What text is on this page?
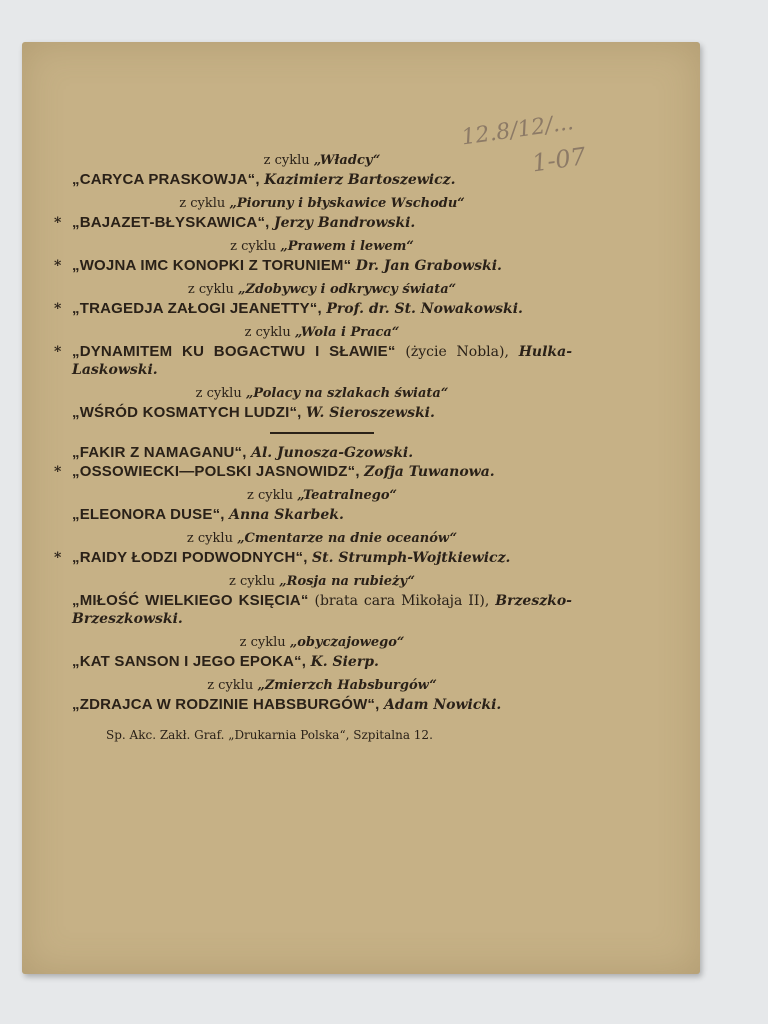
12.8/12/...
1-07
z cyklu „Władcy“
„CARYCA PRASKOWJA“, Kazimierz Bartoszewicz.
z cyklu „Pioruny i błyskawice Wschodu“
* „BAJAZET-BŁYSKAWICA“, Jerzy Bandrowski.
z cyklu „Prawem i lewem“
* „WOJNA IMC KONOPKI Z TORUNIEM“ Dr. Jan Grabowski.
z cyklu „Zdobywcy i odkrywcy świata“
* „TRAGEDJA ZAŁOGI JEANETTY“, Prof. dr. St. Nowakowski.
z cyklu „Wola i Praca“
* „DYNAMITEM KU BOGACTWU I SŁAWIE“ (życie Nobla), Hulka-Laskowski.
z cyklu „Polacy na szlakach świata“
„WŚRÓD KOSMATYCH LUDZI“, W. Sieroszewski.
„FAKIR Z NAMAGANU“, Al. Junosza-Gzowski.
* „OSSOWIECKI—POLSKI JASNOWIDZ“, Zofja Tuwanowa.
z cyklu „Teatralnego“
„ELEONORA DUSE“, Anna Skarbek.
z cyklu „Cmentarze na dnie oceanów“
* „RAIDY ŁODZI PODWODNYCH“, St. Strumph-Wojtkiewicz.
z cyklu „Rosja na rubieży“
„MIŁOŚĆ WIELKIEGO KSIĘCIA“ (brata cara Mikołaja II), Brzeszko-Brzeszkowski.
z cyklu „obyczajowego“
„KAT SANSON I JEGO EPOKA“, K. Sierp.
z cyklu „Zmierzch Habsburgów“
„ZDRAJCA W RODZINIE HABSBURGÓW“, Adam Nowicki.
Sp. Akc. Zakł. Graf. „Drukarnia Polska“, Szpitalna 12.
